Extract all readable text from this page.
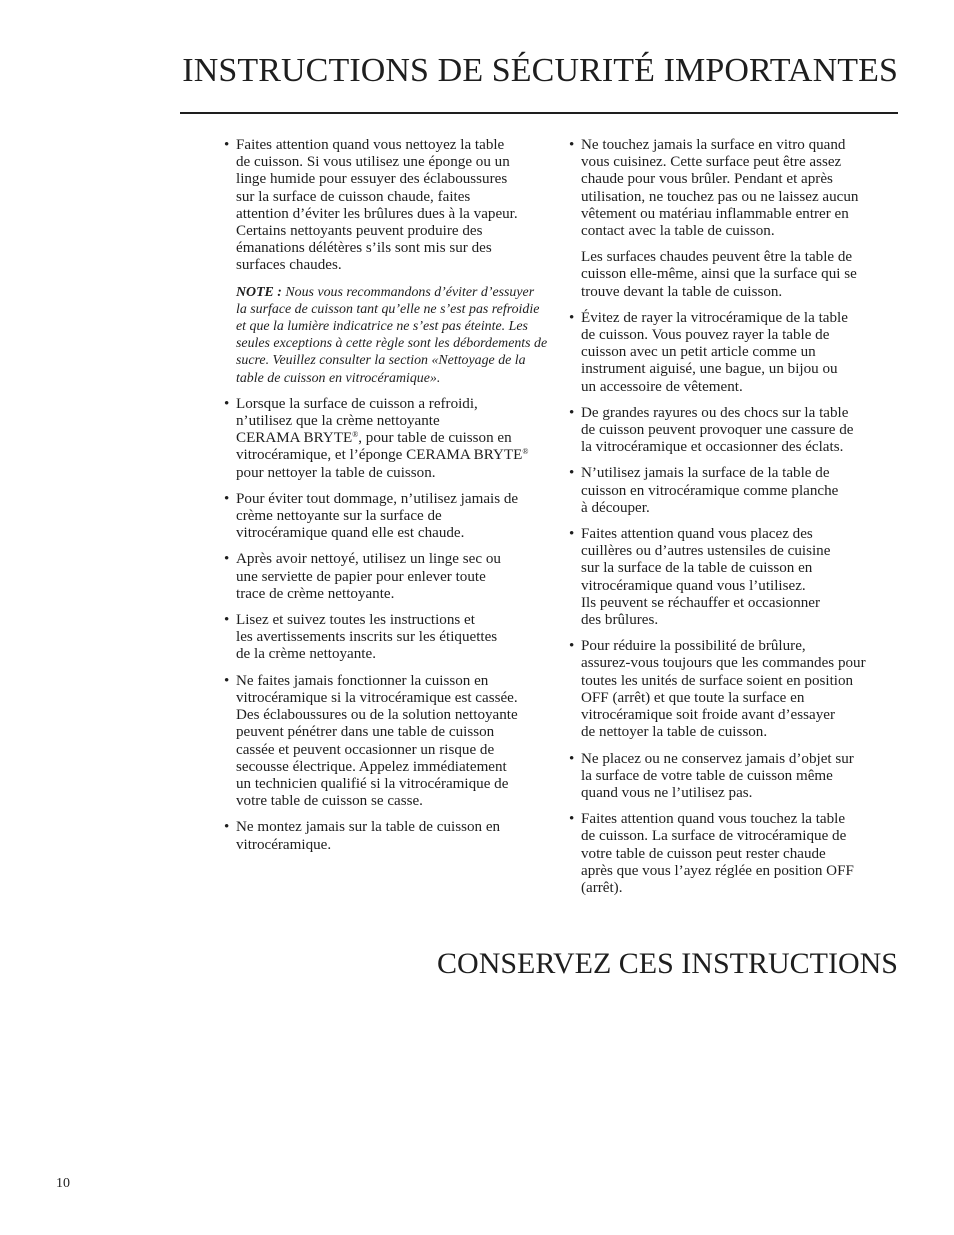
INSTRUCTIONS DE SÉCURITÉ IMPORTANTES
• Faites attention quand vous nettoyez la table
de cuisson. Si vous utilisez une éponge ou un
linge humide pour essuyer des éclaboussures
sur la surface de cuisson chaude, faites
attention d’éviter les brûlures dues à la vapeur.
Certains nettoyants peuvent produire des
émanations délétères s’ils sont mis sur des
surfaces chaudes.
NOTE : Nous vous recommandons d’éviter d’essuyer
la surface de cuisson tant qu’elle ne s’est pas refroidie
et que la lumière indicatrice ne s’est pas éteinte. Les
seules exceptions à cette règle sont les débordements de
sucre. Veuillez consulter la section «Nettoyage de la
table de cuisson en vitrocéramique».
• Lorsque la surface de cuisson a refroidi,
n’utilisez que la crème nettoyante
CERAMA BRYTE®, pour table de cuisson en
vitrocéramique, et l’éponge CERAMA BRYTE®
pour nettoyer la table de cuisson.
• Pour éviter tout dommage, n’utilisez jamais de
crème nettoyante sur la surface de
vitrocéramique quand elle est chaude.
• Après avoir nettoyé, utilisez un linge sec ou
une serviette de papier pour enlever toute
trace de crème nettoyante.
• Lisez et suivez toutes les instructions et
les avertissements inscrits sur les étiquettes
de la crème nettoyante.
• Ne faites jamais fonctionner la cuisson en
vitrocéramique si la vitrocéramique est cassée.
Des éclaboussures ou de la solution nettoyante
peuvent pénétrer dans une table de cuisson
cassée et peuvent occasionner un risque de
secousse électrique. Appelez immédiatement
un technicien qualifié si la vitrocéramique de
votre table de cuisson se casse.
• Ne montez jamais sur la table de cuisson en
vitrocéramique.
• Ne touchez jamais la surface en vitro quand
vous cuisinez. Cette surface peut être assez
chaude pour vous brûler. Pendant et après
utilisation, ne touchez pas ou ne laissez aucun
vêtement ou matériau inflammable entrer en
contact avec la table de cuisson.
Les surfaces chaudes peuvent être la table de
cuisson elle-même, ainsi que la surface qui se
trouve devant la table de cuisson.
• Évitez de rayer la vitrocéramique de la table
de cuisson. Vous pouvez rayer la table de
cuisson avec un petit article comme un
instrument aiguisé, une bague, un bijou ou
un accessoire de vêtement.
• De grandes rayures ou des chocs sur la table
de cuisson peuvent provoquer une cassure de
la vitrocéramique et occasionner des éclats.
• N’utilisez jamais la surface de la table de
cuisson en vitrocéramique comme planche
à découper.
• Faites attention quand vous placez des
cuillères ou d’autres ustensiles de cuisine
sur la surface de la table de cuisson en
vitrocéramique quand vous l’utilisez.
Ils peuvent se réchauffer et occasionner
des brûlures.
• Pour réduire la possibilité de brûlure,
assurez-vous toujours que les commandes pour
toutes les unités de surface soient en position
OFF (arrêt) et que toute la surface en
vitrocéramique soit froide avant d’essayer
de nettoyer la table de cuisson.
• Ne placez ou ne conservez jamais d’objet sur
la surface de votre table de cuisson même
quand vous ne l’utilisez pas.
• Faites attention quand vous touchez la table
de cuisson. La surface de vitrocéramique de
votre table de cuisson peut rester chaude
après que vous l’ayez réglée en position OFF
(arrêt).
CONSERVEZ CES INSTRUCTIONS
10
